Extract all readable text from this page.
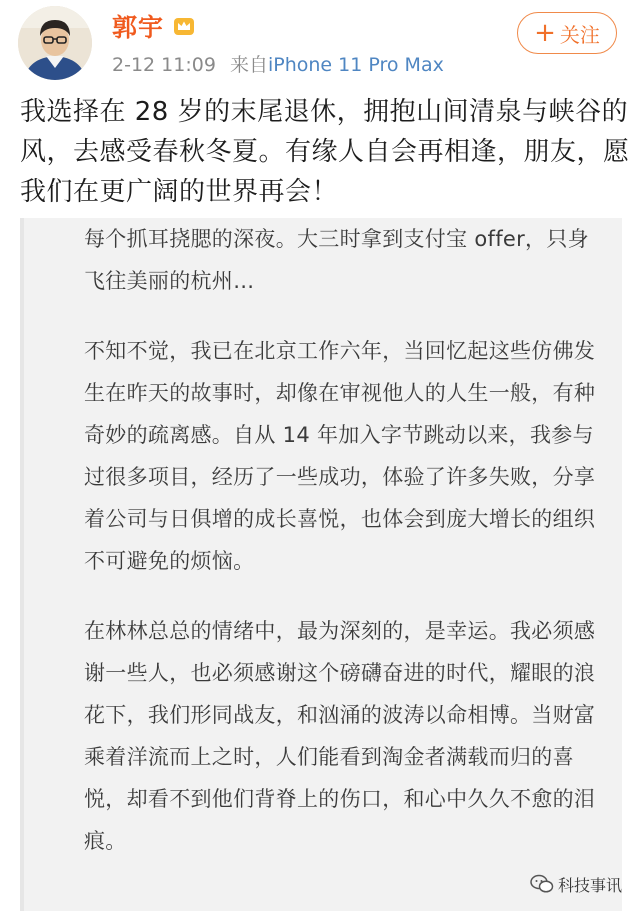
郭宇
2-12 11:09 来自iPhone 11 Pro Max
+ 关注
我选择在 28 岁的末尾退休，拥抱山间清泉与峡谷的风，去感受春秋冬夏。有缘人自会再相逢，朋友，愿我们在更广阔的世界再会！

每个抓耳挠腮的深夜。大三时拿到支付宝 offer，只身飞往美丽的杭州…

不知不觉，我已在北京工作六年，当回忆起这些仿佛发生在昨天的故事时，却像在审视他人的人生一般，有种奇妙的疏离感。自从 14 年加入字节跳动以来，我参与过很多项目，经历了一些成功，体验了许多失败，分享着公司与日俱增的成长喜悦，也体会到庞大增长的组织不可避免的烦恼。

在林林总总的情绪中，最为深刻的，是幸运。我必须感谢一些人，也必须感谢这个磅礴奋进的时代，耀眼的浪花下，我们形同战友，和汹涌的波涛以命相博。当财富乘着洋流而上之时，人们能看到淘金者满载而归的喜悦，却看不到他们背脊上的伤口，和心中久久不愈的泪痕。

科技事讯
